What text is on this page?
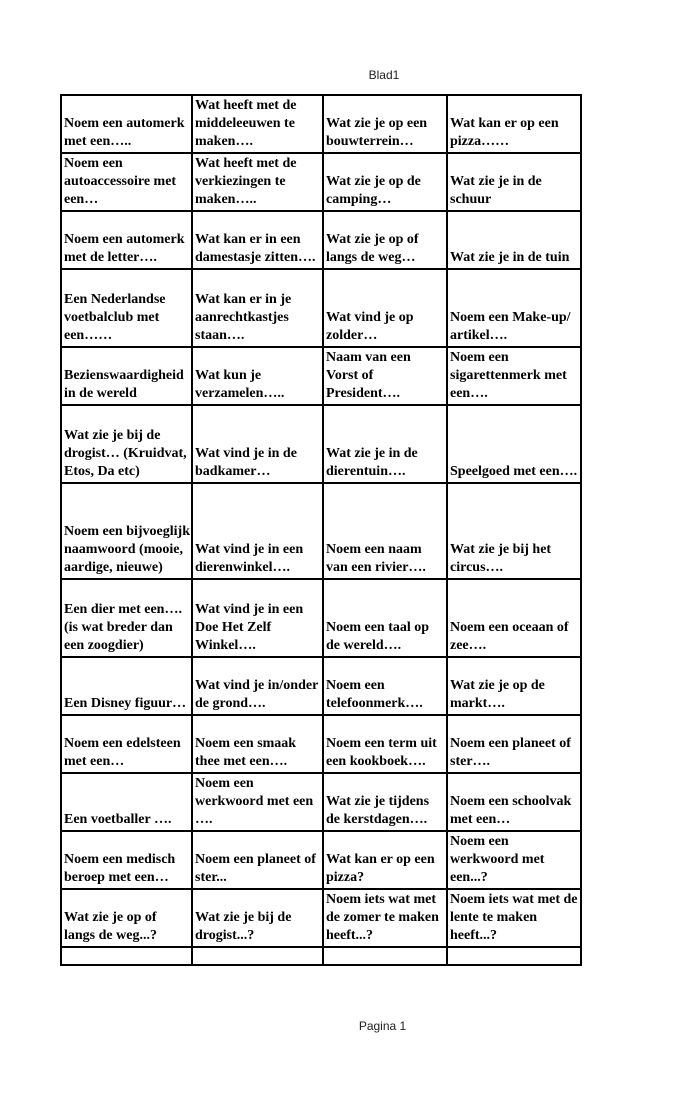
Blad1
Noem een automerk met een…..	Wat heeft met de middeleeuwen te maken….	Wat zie je op een bouwterrein…	Wat kan er op een pizza……
Noem een autoaccessoire met een…	Wat heeft met de verkiezingen te maken…..	Wat zie je op de camping…	Wat zie je in de schuur
Noem een automerk met de letter….	Wat kan er in een damestasje zitten….	Wat zie je op of langs de weg…	Wat zie je in de tuin
Een Nederlandse voetbalclub met een……	Wat kan er in je aanrechtkastjes staan….	Wat vind je op zolder…	Noem een Make-up/ artikel….
Bezienswaardigheid in de wereld	Wat kun je verzamelen…..	Naam van een Vorst of President….	Noem een sigarettenmerk met een….
Wat zie je bij de drogist… (Kruidvat, Etos, Da etc)	Wat vind je in de badkamer…	Wat zie je in de dierentuin….	Speelgoed met een….
Noem een bijvoeglijk naamwoord (mooie, aardige, nieuwe)	Wat vind je in een dierenwinkel….	Noem een naam van een rivier….	Wat zie je bij het circus….
Een dier met een….(is wat breder dan een zoogdier)	Wat vind je in een Doe Het Zelf Winkel….	Noem een taal op de wereld….	Noem een oceaan of zee….
Een Disney figuur…	Wat vind je in/onder de grond….	Noem een telefoonmerk….	Wat zie je op de markt….
Noem een edelsteen met een…	Noem een smaak thee met een….	Noem een term uit een kookboek….	Noem een planeet of ster….
Een voetballer ….	Noem een werkwoord met een ….	Wat zie je tijdens de kerstdagen….	Noem een schoolvak met een…
Noem een medisch beroep met een…	Noem een planeet of ster...	Wat kan er op een pizza?	Noem een werkwoord met een...?
Wat zie je op of langs de weg...?	Wat zie je bij de drogist...?	Noem iets wat met de zomer te maken heeft...?	Noem iets wat met de lente te maken heeft...?

Pagina 1
